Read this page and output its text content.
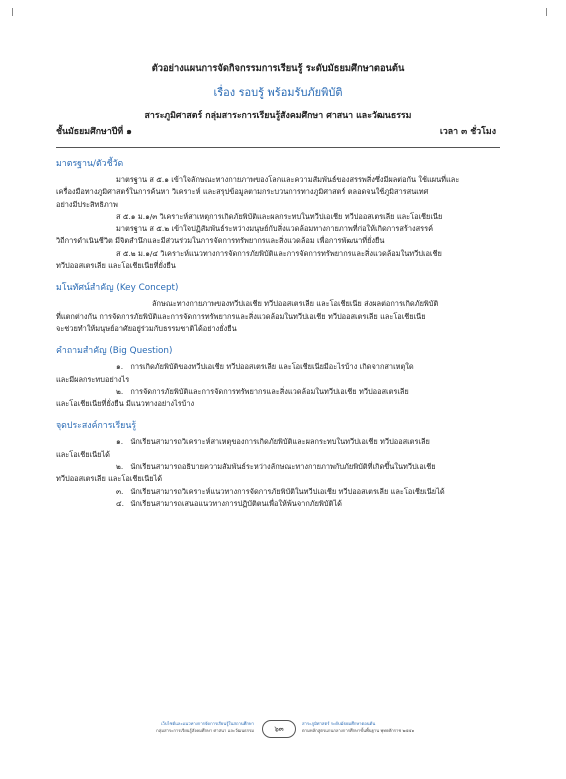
ตัวอย่างแผนการจัดกิจกรรมการเรียนรู้ ระดับมัธยมศึกษาตอนต้น

เรื่อง รอบรู้ พร้อมรับภัยพิบัติ

สาระภูมิศาสตร์ กลุ่มสาระการเรียนรู้สังคมศึกษา ศาสนา และวัฒนธรรม

ชั้นมัธยมศึกษาปีที่ ๑	เวลา ๓ ชั่วโมง
มาตรฐาน/ตัวชี้วัด

มาตรฐาน ส ๕.๑ เข้าใจลักษณะทางกายภาพของโลกและความสัมพันธ์ของสรรพสิ่งซึ่งมีผลต่อกัน ใช้แผนที่และ

เครื่องมือทางภูมิศาสตร์ในการค้นหา วิเคราะห์ และสรุปข้อมูลตามกระบวนการทางภูมิศาสตร์ ตลอดจนใช้ภูมิสารสนเทศ

อย่างมีประสิทธิภาพ

ส ๕.๑ ม.๑/๓ วิเคราะห์สาเหตุการเกิดภัยพิบัติและผลกระทบในทวีปเอเชีย ทวีปออสเตรเลีย และโอเชียเนีย

มาตรฐาน ส ๕.๒ เข้าใจปฏิสัมพันธ์ระหว่างมนุษย์กับสิ่งแวดล้อมทางกายภาพที่ก่อให้เกิดการสร้างสรรค์

วิถีการดำเนินชีวิต มีจิตสำนึกและมีส่วนร่วมในการจัดการทรัพยากรและสิ่งแวดล้อม เพื่อการพัฒนาที่ยั่งยืน

ส ๕.๒ ม.๑/๔ วิเคราะห์แนวทางการจัดการภัยพิบัติและการจัดการทรัพยากรและสิ่งแวดล้อมในทวีปเอเชีย

ทวีปออสเตรเลีย และโอเชียเนียที่ยั่งยืน

มโนทัศน์สำคัญ (Key Concept)

ลักษณะทางกายภาพของทวีปเอเชีย ทวีปออสเตรเลีย และโอเชียเนีย ส่งผลต่อการเกิดภัยพิบัติ

ที่แตกต่างกัน การจัดการภัยพิบัติและการจัดการทรัพยากรและสิ่งแวดล้อมในทวีปเอเชีย ทวีปออสเตรเลีย และโอเชียเนีย

จะช่วยทำให้มนุษย์อาศัยอยู่ร่วมกับธรรมชาติได้อย่างยั่งยืน

คำถามสำคัญ (Big Question)

๑. การเกิดภัยพิบัติของทวีปเอเชีย ทวีปออสเตรเลีย และโอเชียเนียมีอะไรบ้าง เกิดจากสาเหตุใด

และมีผลกระทบอย่างไร

๒. การจัดการภัยพิบัติและการจัดการทรัพยากรและสิ่งแวดล้อมในทวีปเอเชีย ทวีปออสเตรเลีย

และโอเชียเนียที่ยั่งยืน มีแนวทางอย่างไรบ้าง

จุดประสงค์การเรียนรู้

๑. นักเรียนสามารถวิเคราะห์สาเหตุของการเกิดภัยพิบัติและผลกระทบในทวีปเอเชีย ทวีปออสเตรเลีย

และโอเชียเนียได้

๒. นักเรียนสามารถอธิบายความสัมพันธ์ระหว่างลักษณะทางกายภาพกับภัยพิบัติที่เกิดขึ้นในทวีปเอเชีย

ทวีปออสเตรเลีย และโอเชียเนียได้

๓. นักเรียนสามารถวิเคราะห์แนวทางการจัดการภัยพิบัติในทวีปเอเชีย ทวีปออสเตรเลีย และโอเชียเนียได้

๔. นักเรียนสามารถเสนอแนวทางการปฏิบัติตนเพื่อให้พ้นจากภัยพิบัติได้

เว็บไซต์และแนวทางการจัดการเรียนรู้ในสถานศึกษา
กลุ่มสาระการเรียนรู้สังคมศึกษา ศาสนา และวัฒนธรรม	๖๓
สาระภูมิศาสตร์ ระดับมัธยมศึกษาตอนต้น
ตามหลักสูตรแกนกลางการศึกษาขั้นพื้นฐาน พุทธศักราช ๒๕๕๑
